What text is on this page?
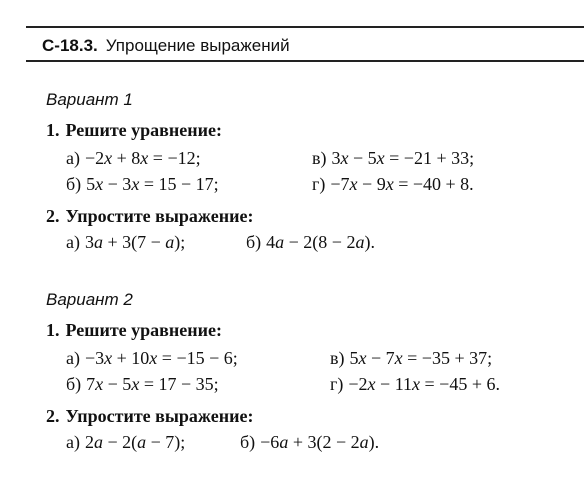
С-18.3. Упрощение выражений
Вариант 1
1. Решите уравнение:
а) −2x + 8x = −12;	в) 3x − 5x = −21 + 33;
б) 5x − 3x = 15 − 17;	г) −7x − 9x = −40 + 8.
2. Упростите выражение:
а) 3a + 3(7 − a);	б) 4a − 2(8 − 2a).
Вариант 2
1. Решите уравнение:
а) −3x + 10x = −15 − 6;	в) 5x − 7x = −35 + 37;
б) 7x − 5x = 17 − 35;	г) −2x − 11x = −45 + 6.
2. Упростите выражение:
а) 2a − 2(a − 7);	б) −6a + 3(2 − 2a).
